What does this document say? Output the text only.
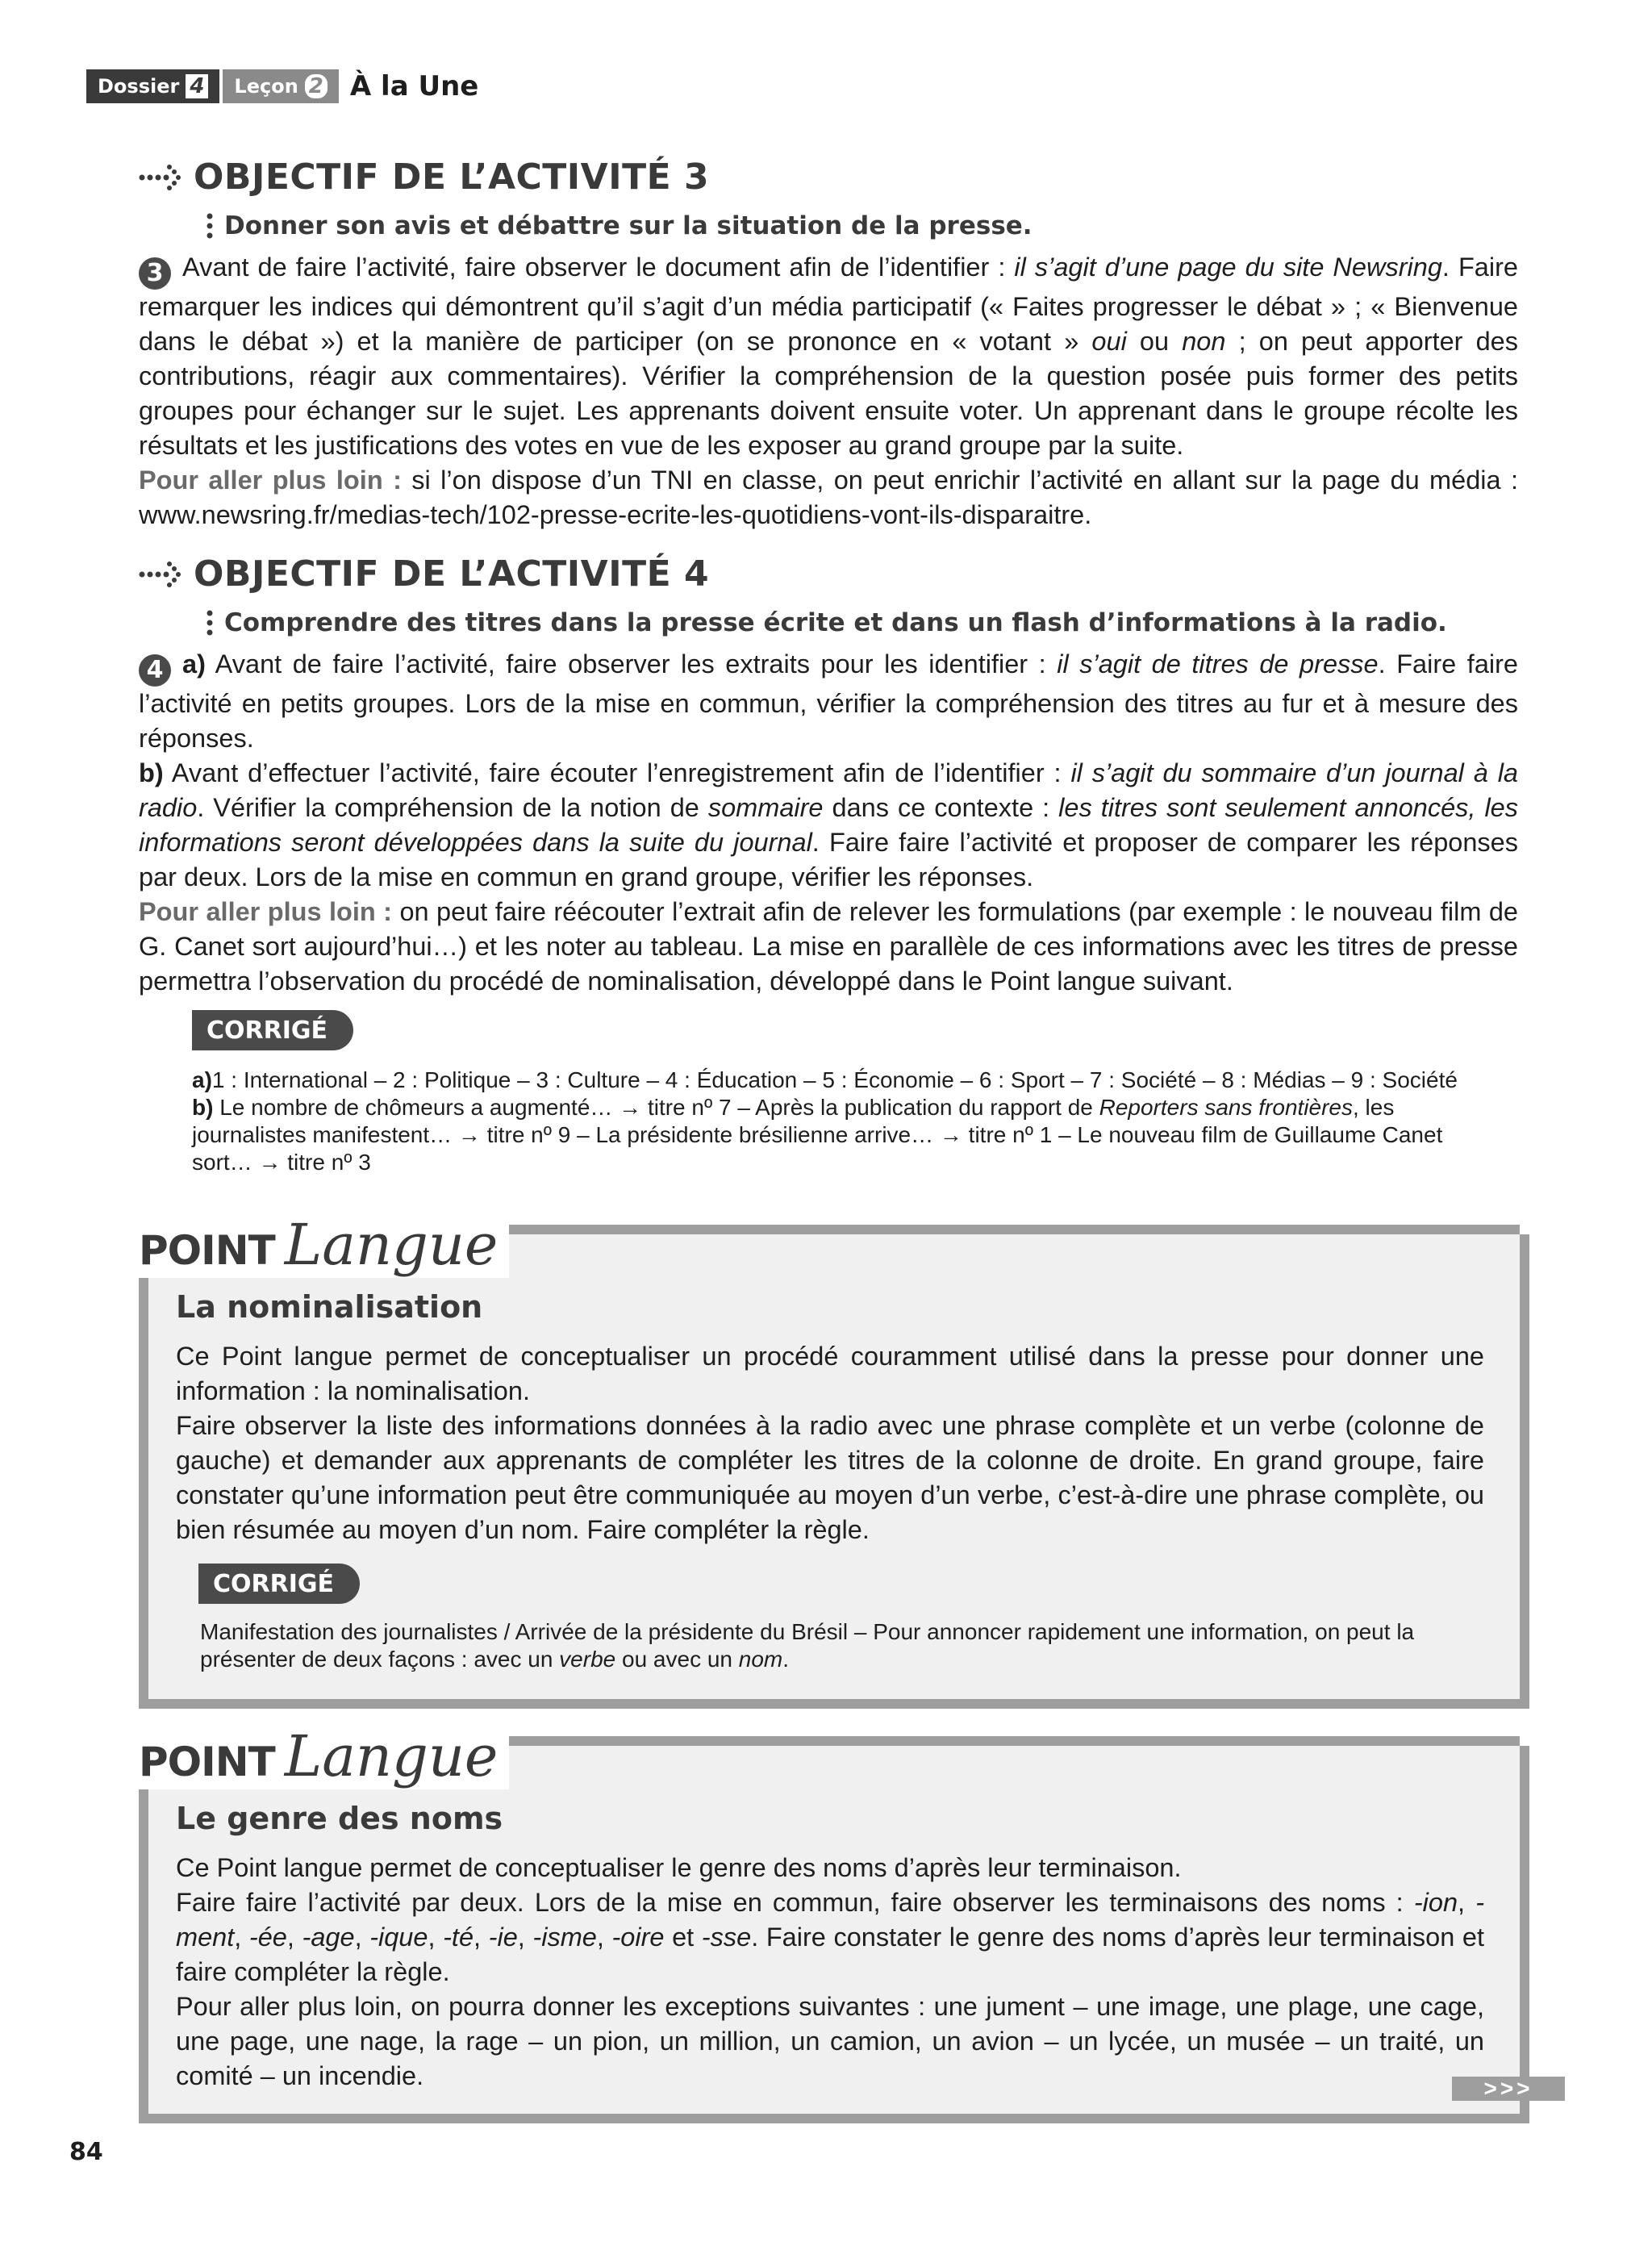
Dossier 4 Leçon 2 À la Une
OBJECTIF DE L’ACTIVITÉ 3
Donner son avis et débattre sur la situation de la presse.

3 Avant de faire l’activité, faire observer le document afin de l’identifier : il s’agit d’une page du site Newsring. Faire remarquer les indices qui démontrent qu’il s’agit d’un média participatif (« Faites progresser le débat » ; « Bienvenue dans le débat ») et la manière de participer (on se prononce en « votant » oui ou non ; on peut apporter des contributions, réagir aux commentaires). Vérifier la compréhension de la question posée puis former des petits groupes pour échanger sur le sujet. Les apprenants doivent ensuite voter. Un apprenant dans le groupe récolte les résultats et les justifications des votes en vue de les exposer au grand groupe par la suite.

Pour aller plus loin : si l’on dispose d’un TNI en classe, on peut enrichir l’activité en allant sur la page du média : www.newsring.fr/medias-tech/102-presse-ecrite-les-quotidiens-vont-ils-disparaitre.

OBJECTIF DE L’ACTIVITÉ 4
Comprendre des titres dans la presse écrite et dans un flash d’informations à la radio.

4 a) Avant de faire l’activité, faire observer les extraits pour les identifier : il s’agit de titres de presse. Faire faire l’activité en petits groupes. Lors de la mise en commun, vérifier la compréhension des titres au fur et à mesure des réponses.

b) Avant d’effectuer l’activité, faire écouter l’enregistrement afin de l’identifier : il s’agit du sommaire d’un journal à la radio. Vérifier la compréhension de la notion de sommaire dans ce contexte : les titres sont seulement annoncés, les informations seront développées dans la suite du journal. Faire faire l’activité et proposer de comparer les réponses par deux. Lors de la mise en commun en grand groupe, vérifier les réponses.

Pour aller plus loin : on peut faire réécouter l’extrait afin de relever les formulations (par exemple : le nouveau film de G. Canet sort aujourd’hui…) et les noter au tableau. La mise en parallèle de ces informations avec les titres de presse permettra l’observation du procédé de nominalisation, développé dans le Point langue suivant.

CORRIGÉ

a)1 : International – 2 : Politique – 3 : Culture – 4 : Éducation – 5 : Économie – 6 : Sport – 7 : Société – 8 : Médias – 9 : Société

b) Le nombre de chômeurs a augmenté… → titre nº 7 – Après la publication du rapport de Reporters sans frontières, les journalistes manifestent… → titre nº 9 – La présidente brésilienne arrive… → titre nº 1 – Le nouveau film de Guillaume Canet sort… → titre nº 3

POINT Langue
La nominalisation

Ce Point langue permet de conceptualiser un procédé couramment utilisé dans la presse pour donner une information : la nominalisation.

Faire observer la liste des informations données à la radio avec une phrase complète et un verbe (colonne de gauche) et demander aux apprenants de compléter les titres de la colonne de droite. En grand groupe, faire constater qu’une information peut être communiquée au moyen d’un verbe, c’est-à-dire une phrase complète, ou bien résumée au moyen d’un nom. Faire compléter la règle.

CORRIGÉ

Manifestation des journalistes / Arrivée de la présidente du Brésil – Pour annoncer rapidement une information, on peut la présenter de deux façons : avec un verbe ou avec un nom.

POINT Langue
Le genre des noms

Ce Point langue permet de conceptualiser le genre des noms d’après leur terminaison.

Faire faire l’activité par deux. Lors de la mise en commun, faire observer les terminaisons des noms : -ion, -ment, -ée, -age, -ique, -té, -ie, -isme, -oire et -sse. Faire constater le genre des noms d’après leur terminaison et faire compléter la règle.

Pour aller plus loin, on pourra donner les exceptions suivantes : une jument – une image, une plage, une cage, une page, une nage, la rage – un pion, un million, un camion, un avion – un lycée, un musée – un traité, un comité – un incendie.	>>>
84
